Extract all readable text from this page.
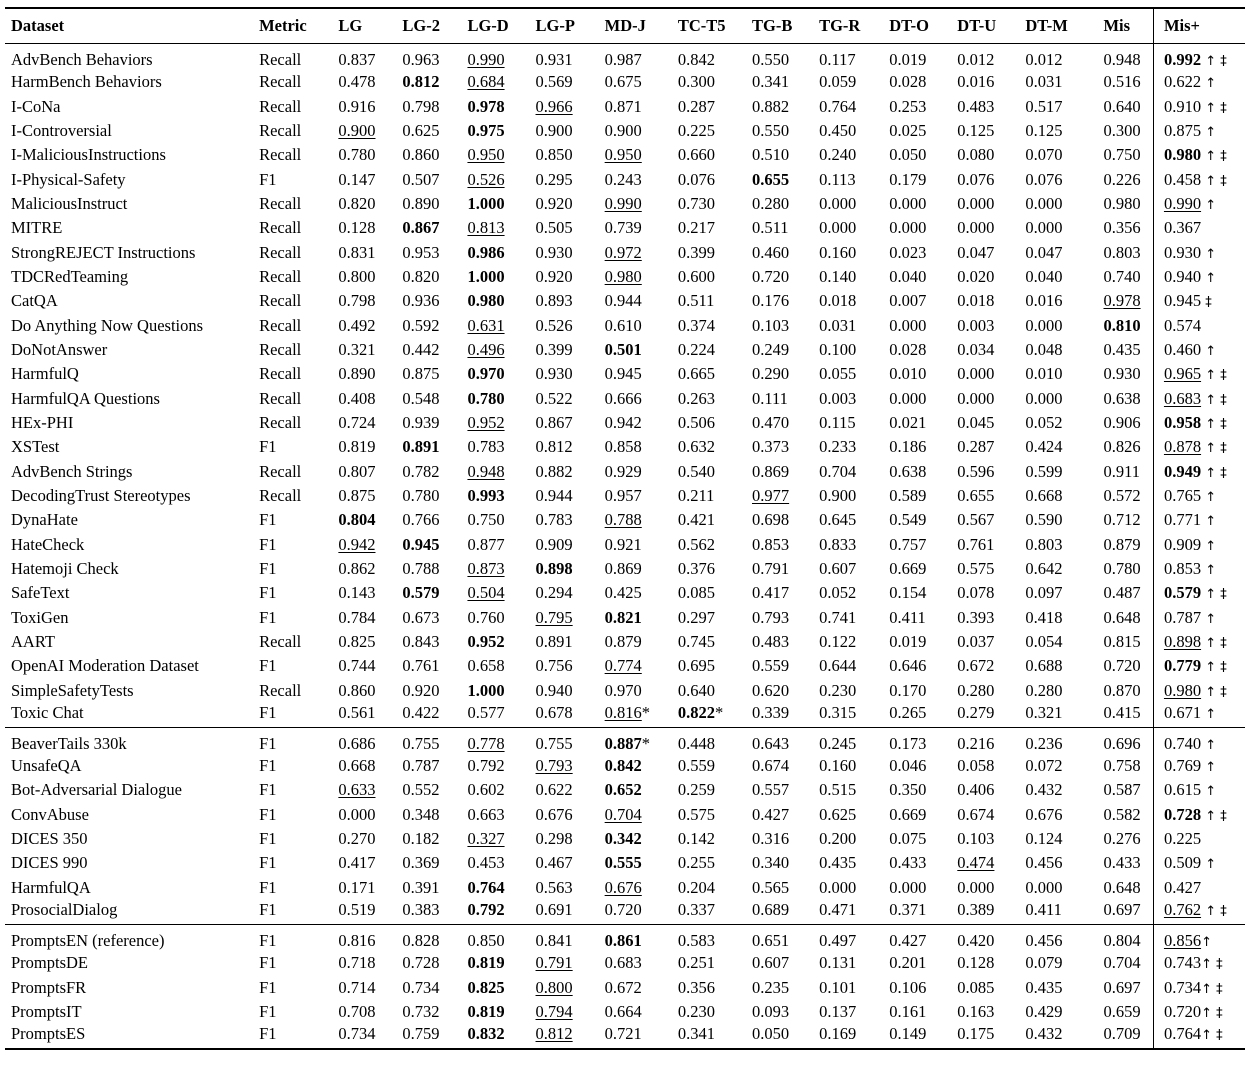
Dataset	Metric	LG	LG-2	LG-D	LG-P	MD-J	TC-T5	TG-B	TG-R	DT-O	DT-U	DT-M	Mis	Mis+
AdvBench Behaviors	Recall	0.837	0.963	0.990	0.931	0.987	0.842	0.550	0.117	0.019	0.012	0.012	0.948	0.992 ↑ ‡
HarmBench Behaviors	Recall	0.478	0.812	0.684	0.569	0.675	0.300	0.341	0.059	0.028	0.016	0.031	0.516	0.622 ↑
I-CoNa	Recall	0.916	0.798	0.978	0.966	0.871	0.287	0.882	0.764	0.253	0.483	0.517	0.640	0.910 ↑ ‡
I-Controversial	Recall	0.900	0.625	0.975	0.900	0.900	0.225	0.550	0.450	0.025	0.125	0.125	0.300	0.875 ↑
I-MaliciousInstructions	Recall	0.780	0.860	0.950	0.850	0.950	0.660	0.510	0.240	0.050	0.080	0.070	0.750	0.980 ↑ ‡
I-Physical-Safety	F1	0.147	0.507	0.526	0.295	0.243	0.076	0.655	0.113	0.179	0.076	0.076	0.226	0.458 ↑ ‡
MaliciousInstruct	Recall	0.820	0.890	1.000	0.920	0.990	0.730	0.280	0.000	0.000	0.000	0.000	0.980	0.990 ↑
MITRE	Recall	0.128	0.867	0.813	0.505	0.739	0.217	0.511	0.000	0.000	0.000	0.000	0.356	0.367
StrongREJECT Instructions	Recall	0.831	0.953	0.986	0.930	0.972	0.399	0.460	0.160	0.023	0.047	0.047	0.803	0.930 ↑
TDCRedTeaming	Recall	0.800	0.820	1.000	0.920	0.980	0.600	0.720	0.140	0.040	0.020	0.040	0.740	0.940 ↑
CatQA	Recall	0.798	0.936	0.980	0.893	0.944	0.511	0.176	0.018	0.007	0.018	0.016	0.978	0.945 ‡
Do Anything Now Questions	Recall	0.492	0.592	0.631	0.526	0.610	0.374	0.103	0.031	0.000	0.003	0.000	0.810	0.574
DoNotAnswer	Recall	0.321	0.442	0.496	0.399	0.501	0.224	0.249	0.100	0.028	0.034	0.048	0.435	0.460 ↑
HarmfulQ	Recall	0.890	0.875	0.970	0.930	0.945	0.665	0.290	0.055	0.010	0.000	0.010	0.930	0.965 ↑ ‡
HarmfulQA Questions	Recall	0.408	0.548	0.780	0.522	0.666	0.263	0.111	0.003	0.000	0.000	0.000	0.638	0.683 ↑ ‡
HEx-PHI	Recall	0.724	0.939	0.952	0.867	0.942	0.506	0.470	0.115	0.021	0.045	0.052	0.906	0.958 ↑ ‡
XSTest	F1	0.819	0.891	0.783	0.812	0.858	0.632	0.373	0.233	0.186	0.287	0.424	0.826	0.878 ↑ ‡
AdvBench Strings	Recall	0.807	0.782	0.948	0.882	0.929	0.540	0.869	0.704	0.638	0.596	0.599	0.911	0.949 ↑ ‡
DecodingTrust Stereotypes	Recall	0.875	0.780	0.993	0.944	0.957	0.211	0.977	0.900	0.589	0.655	0.668	0.572	0.765 ↑
DynaHate	F1	0.804	0.766	0.750	0.783	0.788	0.421	0.698	0.645	0.549	0.567	0.590	0.712	0.771 ↑
HateCheck	F1	0.942	0.945	0.877	0.909	0.921	0.562	0.853	0.833	0.757	0.761	0.803	0.879	0.909 ↑
Hatemoji Check	F1	0.862	0.788	0.873	0.898	0.869	0.376	0.791	0.607	0.669	0.575	0.642	0.780	0.853 ↑
SafeText	F1	0.143	0.579	0.504	0.294	0.425	0.085	0.417	0.052	0.154	0.078	0.097	0.487	0.579 ↑ ‡
ToxiGen	F1	0.784	0.673	0.760	0.795	0.821	0.297	0.793	0.741	0.411	0.393	0.418	0.648	0.787 ↑
AART	Recall	0.825	0.843	0.952	0.891	0.879	0.745	0.483	0.122	0.019	0.037	0.054	0.815	0.898 ↑ ‡
OpenAI Moderation Dataset	F1	0.744	0.761	0.658	0.756	0.774	0.695	0.559	0.644	0.646	0.672	0.688	0.720	0.779 ↑ ‡
SimpleSafetyTests	Recall	0.860	0.920	1.000	0.940	0.970	0.640	0.620	0.230	0.170	0.280	0.280	0.870	0.980 ↑ ‡
Toxic Chat	F1	0.561	0.422	0.577	0.678	0.816*	0.822*	0.339	0.315	0.265	0.279	0.321	0.415	0.671 ↑
BeaverTails 330k	F1	0.686	0.755	0.778	0.755	0.887*	0.448	0.643	0.245	0.173	0.216	0.236	0.696	0.740 ↑
UnsafeQA	F1	0.668	0.787	0.792	0.793	0.842	0.559	0.674	0.160	0.046	0.058	0.072	0.758	0.769 ↑
Bot-Adversarial Dialogue	F1	0.633	0.552	0.602	0.622	0.652	0.259	0.557	0.515	0.350	0.406	0.432	0.587	0.615 ↑
ConvAbuse	F1	0.000	0.348	0.663	0.676	0.704	0.575	0.427	0.625	0.669	0.674	0.676	0.582	0.728 ↑ ‡
DICES 350	F1	0.270	0.182	0.327	0.298	0.342	0.142	0.316	0.200	0.075	0.103	0.124	0.276	0.225
DICES 990	F1	0.417	0.369	0.453	0.467	0.555	0.255	0.340	0.435	0.433	0.474	0.456	0.433	0.509 ↑
HarmfulQA	F1	0.171	0.391	0.764	0.563	0.676	0.204	0.565	0.000	0.000	0.000	0.000	0.648	0.427
ProsocialDialog	F1	0.519	0.383	0.792	0.691	0.720	0.337	0.689	0.471	0.371	0.389	0.411	0.697	0.762 ↑ ‡
PromptsEN (reference)	F1	0.816	0.828	0.850	0.841	0.861	0.583	0.651	0.497	0.427	0.420	0.456	0.804	0.856↑
PromptsDE	F1	0.718	0.728	0.819	0.791	0.683	0.251	0.607	0.131	0.201	0.128	0.079	0.704	0.743↑ ‡
PromptsFR	F1	0.714	0.734	0.825	0.800	0.672	0.356	0.235	0.101	0.106	0.085	0.435	0.697	0.734↑ ‡
PromptsIT	F1	0.708	0.732	0.819	0.794	0.664	0.230	0.093	0.137	0.161	0.163	0.429	0.659	0.720↑ ‡
PromptsES	F1	0.734	0.759	0.832	0.812	0.721	0.341	0.050	0.169	0.149	0.175	0.432	0.709	0.764↑ ‡
